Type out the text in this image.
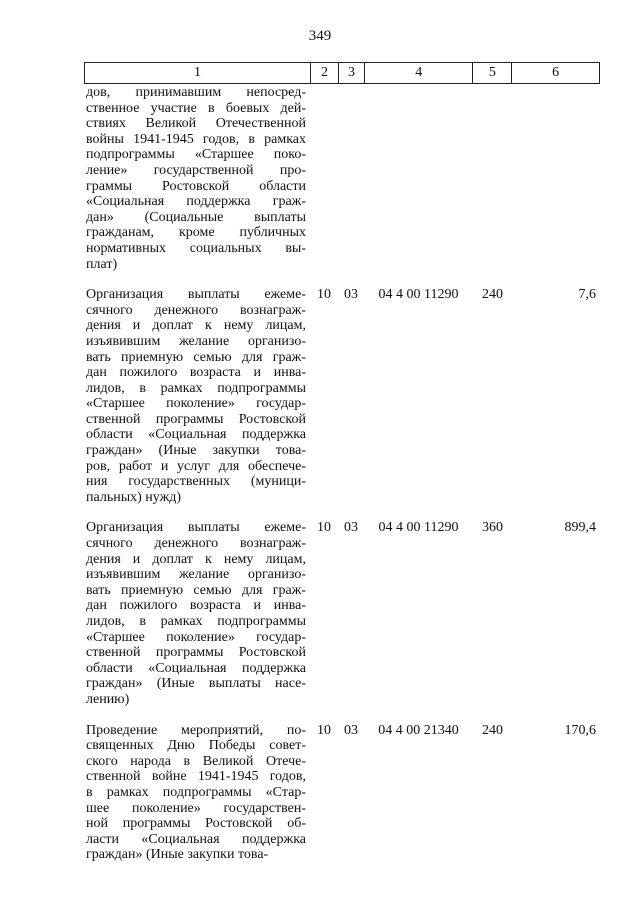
349
1	2	3	4	5	6
дов, принимавшим непосред-
ственное участие в боевых дей-
ствиях Великой Отечественной
войны 1941-1945 годов, в рамках
подпрограммы «Старшее поко-
ление» государственной про-
граммы Ростовской области
«Социальная поддержка граж-
дан» (Социальные выплаты
гражданам, кроме публичных
нормативных социальных вы-
плат)
Организация выплаты ежеме-
сячного денежного вознаграж-
дения и доплат к нему лицам,
изъявившим желание организо-
вать приемную семью для граж-
дан пожилого возраста и инва-
лидов, в рамках подпрограммы
«Старшее поколение» государ-
ственной программы Ростовской
области «Социальная поддержка
граждан» (Иные закупки това-
ров, работ и услуг для обеспече-
ния государственных (муници-
пальных) нужд)
10 03	04 4 00 11290	240	7,6
Организация выплаты ежеме-
сячного денежного вознаграж-
дения и доплат к нему лицам,
изъявившим желание организо-
вать приемную семью для граж-
дан пожилого возраста и инва-
лидов, в рамках подпрограммы
«Старшее поколение» государ-
ственной программы Ростовской
области «Социальная поддержка
граждан» (Иные выплаты насе-
лению)
10 03	04 4 00 11290	360	899,4
Проведение мероприятий, по-
священных Дню Победы совет-
ского народа в Великой Отече-
ственной войне 1941-1945 годов,
в рамках подпрограммы «Стар-
шее поколение» государствен-
ной программы Ростовской об-
ласти «Социальная поддержка
граждан» (Иные закупки това-
10 03	04 4 00 21340	240	170,6
